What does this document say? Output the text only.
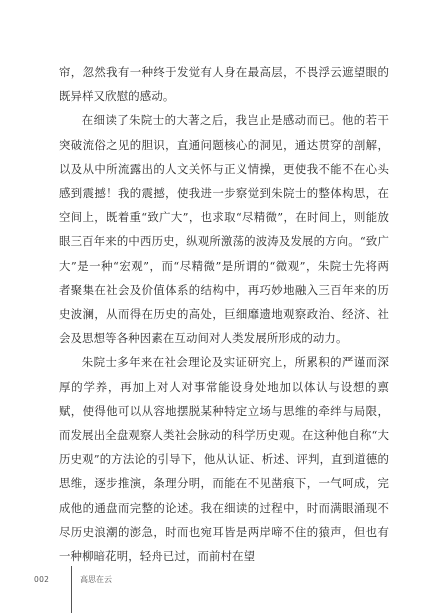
帘，忽然我有一种终于发觉有人身在最高层，不畏浮云遮望眼的既异样又欣慰的感动。

在细读了朱院士的大著之后，我岂止是感动而已。他的若干突破流俗之见的胆识，直通问题核心的洞见，通达贯穿的剖解，以及从中所流露出的人文关怀与正义情操，更使我不能不在心头感到震撼！我的震撼，使我进一步察觉到朱院士的整体构思，在空间上，既着重“致广大”，也求取“尽精微”，在时间上，则能放眼三百年来的中西历史，纵观所激荡的波涛及发展的方向。“致广大”是一种“宏观”，而“尽精微”是所谓的“微观”，朱院士先将两者聚集在社会及价值体系的结构中，再巧妙地融入三百年来的历史波澜，从而得在历史的高处，巨细靡遗地观察政治、经济、社会及思想等各种因素在互动间对人类发展所形成的动力。

朱院士多年来在社会理论及实证研究上，所累积的严谨而深厚的学养，再加上对人对事常能设身处地加以体认与设想的禀赋，使得他可以从容地摆脱某种特定立场与思维的牵绊与局限，而发展出全盘观察人类社会脉动的科学历史观。在这种他自称“大历史观”的方法论的引导下，他从认证、析述、评判，直到道德的思维，逐步推演，条理分明，而能在不见凿痕下，一气呵成，完成他的通盘而完整的论述。我在细读的过程中，时而满眼涌现不尽历史浪潮的澎急，时而也宛耳皆是两岸啼不住的猿声，但也有一种柳暗花明，轻舟已过，而前村在望

002	高思在云
